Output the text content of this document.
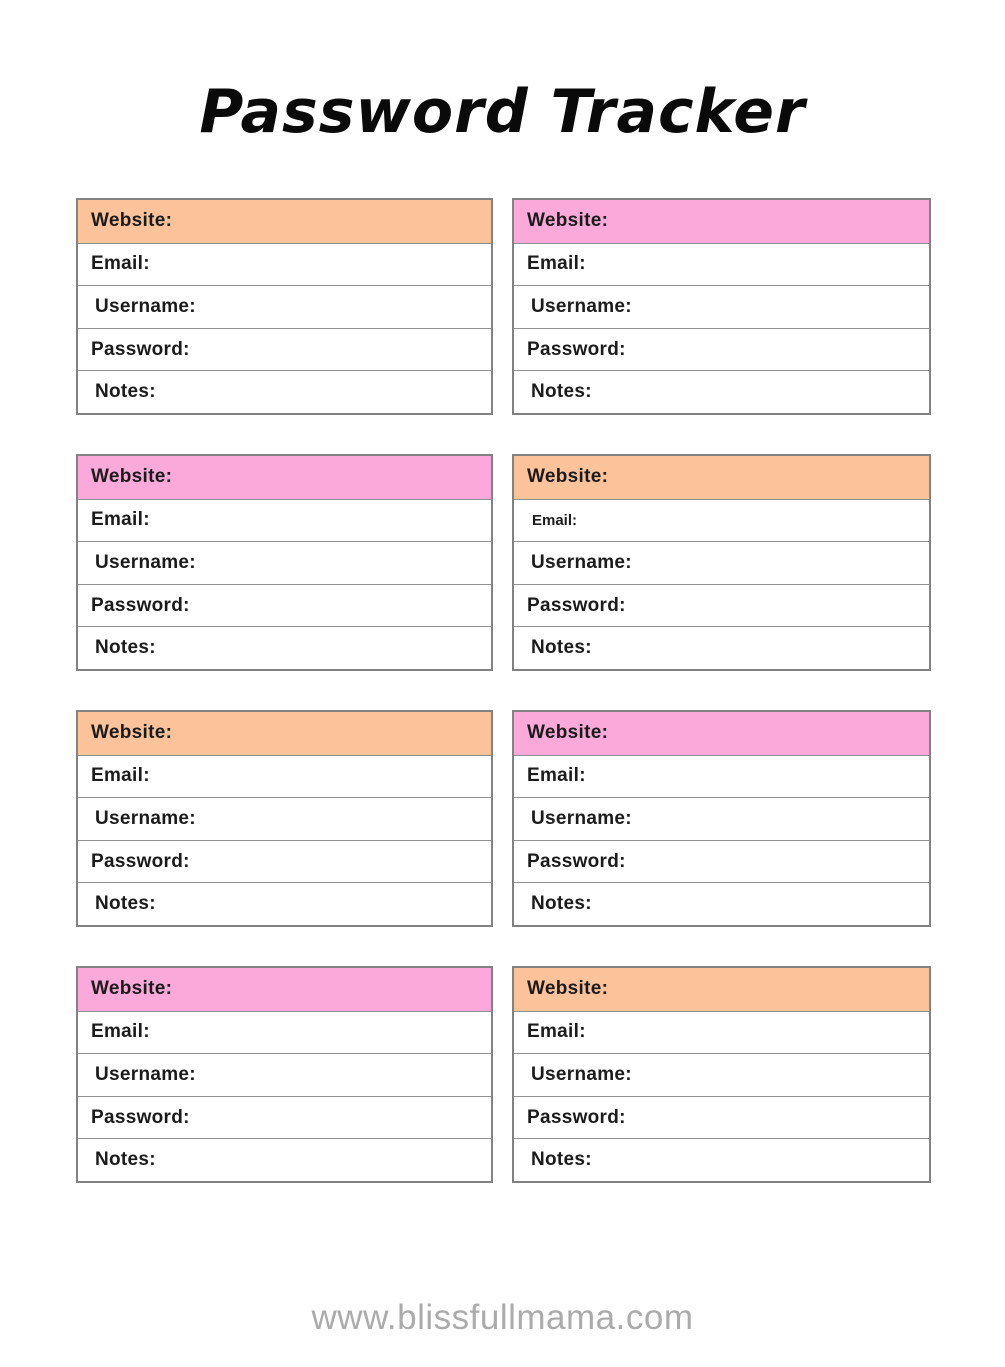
Password Tracker
Website:
Email:
Username:
Password:
Notes:
Website:
Email:
Username:
Password:
Notes:
Website:
Email:
Username:
Password:
Notes:
Website:
Email:
Username:
Password:
Notes:
Website:
Email:
Username:
Password:
Notes:
Website:
Email:
Username:
Password:
Notes:
Website:
Email:
Username:
Password:
Notes:
Website:
Email:
Username:
Password:
Notes:
www.blissfullmama.com
